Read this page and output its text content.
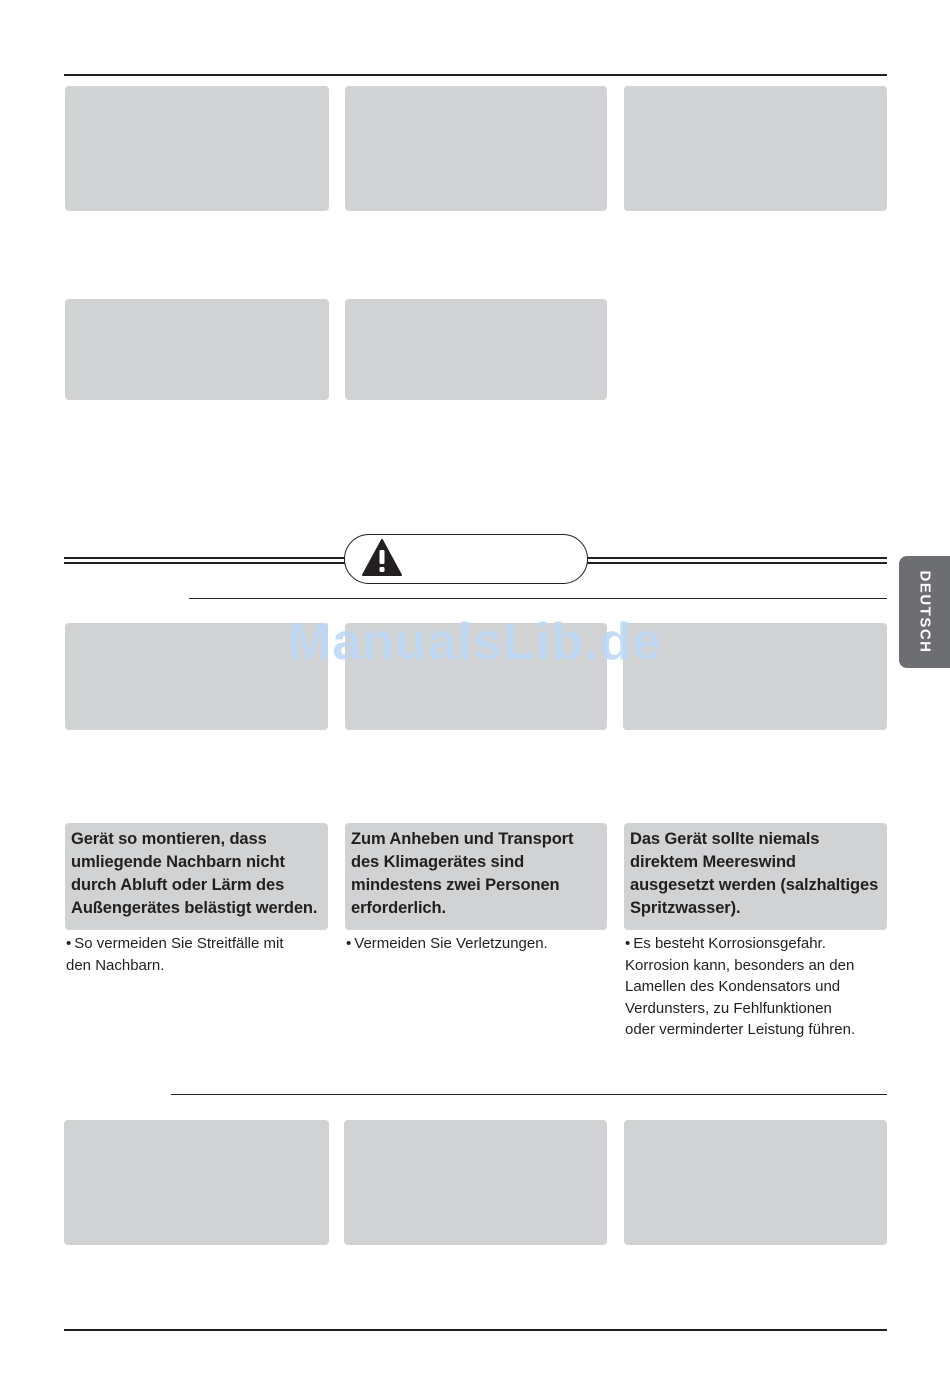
DEUTSCH
ManualsLib.de
Gerät so montieren, dass umliegende Nachbarn nicht durch Abluft oder Lärm des Außengerätes belästigt werden.
Zum Anheben und Transport des Klimagerätes sind mindestens zwei Personen erforderlich.
Das Gerät sollte niemals direktem Meereswind ausgesetzt werden (salzhaltiges Spritzwasser).
• So vermeiden Sie Streitfälle mit
den Nachbarn.
• Vermeiden Sie Verletzungen.	• Es besteht Korrosionsgefahr.
Korrosion kann, besonders an den
Lamellen des Kondensators und
Verdunsters, zu Fehlfunktionen
oder verminderter Leistung führen.
